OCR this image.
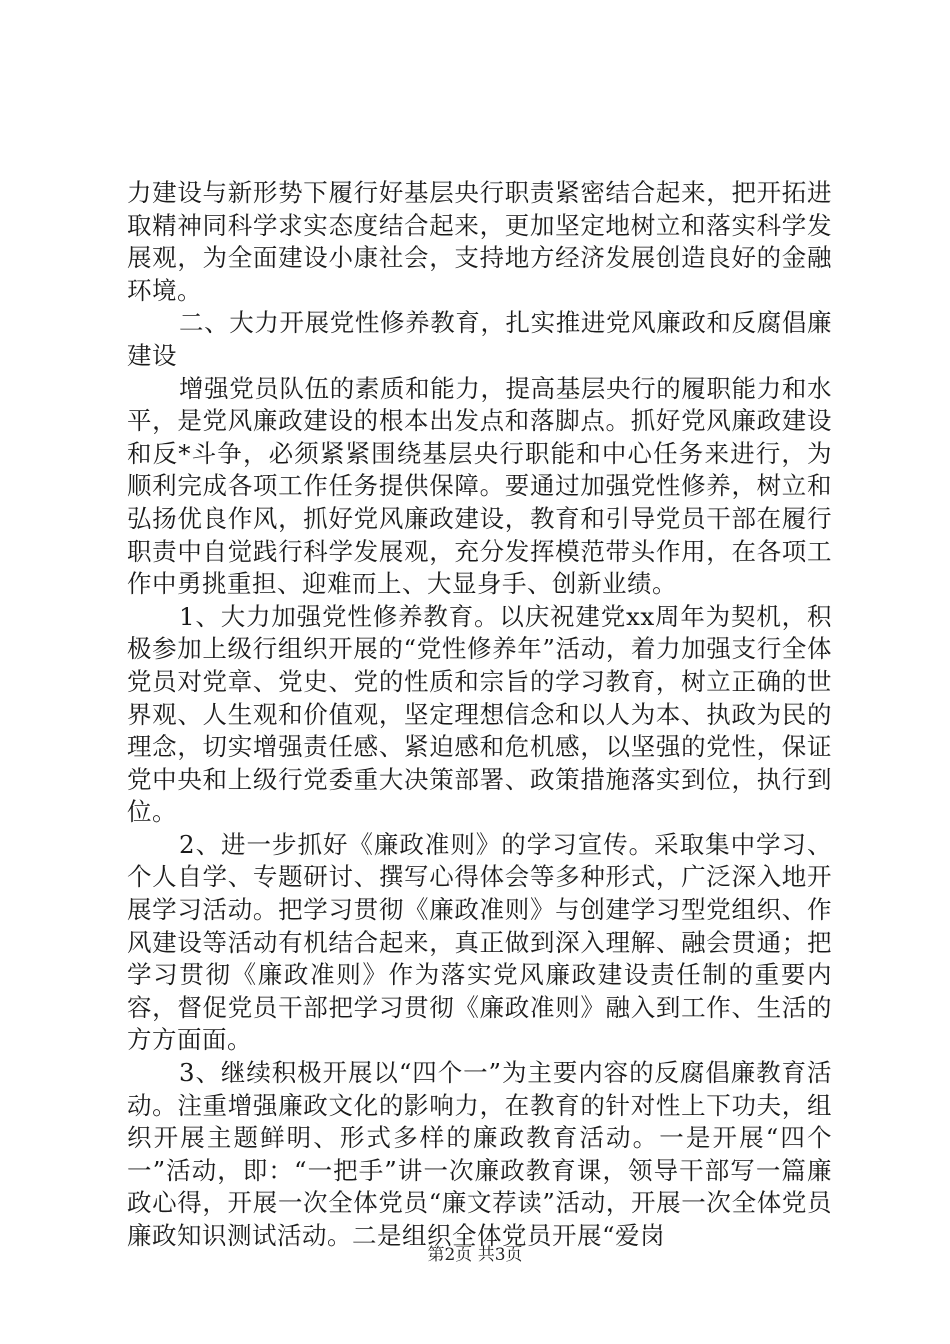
力建设与新形势下履行好基层央行职责紧密结合起来，把开拓进取精神同科学求实态度结合起来，更加坚定地树立和落实科学发展观，为全面建设小康社会，支持地方经济发展创造良好的金融环境。

二、大力开展党性修养教育，扎实推进党风廉政和反腐倡廉建设

增强党员队伍的素质和能力，提高基层央行的履职能力和水平，是党风廉政建设的根本出发点和落脚点。抓好党风廉政建设和反*斗争，必须紧紧围绕基层央行职能和中心任务来进行，为顺利完成各项工作任务提供保障。要通过加强党性修养，树立和弘扬优良作风，抓好党风廉政建设，教育和引导党员干部在履行职责中自觉践行科学发展观，充分发挥模范带头作用，在各项工作中勇挑重担、迎难而上、大显身手、创新业绩。

1、大力加强党性修养教育。以庆祝建党xx周年为契机，积极参加上级行组织开展的“党性修养年”活动，着力加强支行全体党员对党章、党史、党的性质和宗旨的学习教育，树立正确的世界观、人生观和价值观，坚定理想信念和以人为本、执政为民的理念，切实增强责任感、紧迫感和危机感，以坚强的党性，保证党中央和上级行党委重大决策部署、政策措施落实到位，执行到位。

2、进一步抓好《廉政准则》的学习宣传。采取集中学习、个人自学、专题研讨、撰写心得体会等多种形式，广泛深入地开展学习活动。把学习贯彻《廉政准则》与创建学习型党组织、作风建设等活动有机结合起来，真正做到深入理解、融会贯通；把学习贯彻《廉政准则》作为落实党风廉政建设责任制的重要内容，督促党员干部把学习贯彻《廉政准则》融入到工作、生活的方方面面。

3、继续积极开展以“四个一”为主要内容的反腐倡廉教育活动。注重增强廉政文化的影响力，在教育的针对性上下功夫，组织开展主题鲜明、形式多样的廉政教育活动。一是开展“四个一”活动，即：“一把手”讲一次廉政教育课，领导干部写一篇廉政心得，开展一次全体党员“廉文荐读”活动，开展一次全体党员廉政知识测试活动。二是组织全体党员开展“爱岗

第2页 共3页
